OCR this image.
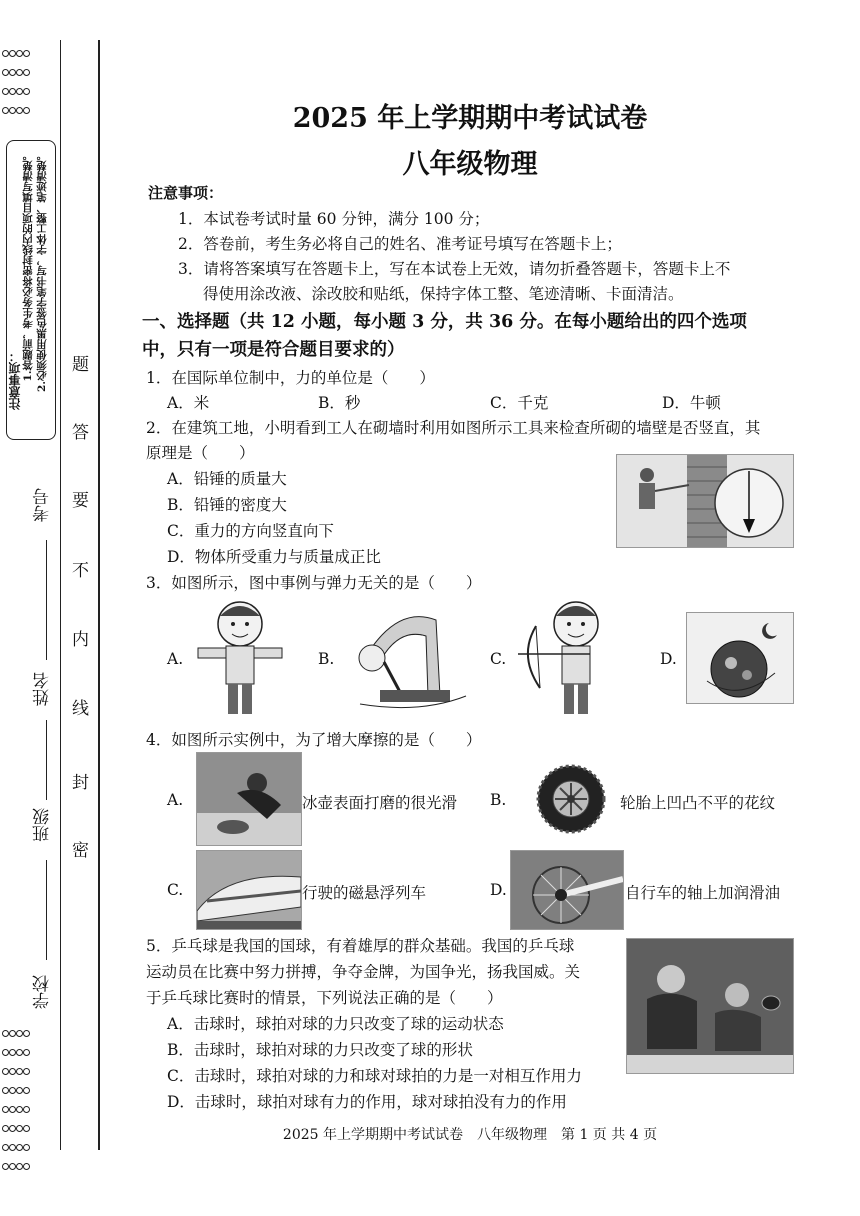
注意事项： 1.答题前，考生务必将密封线内的项目填写清楚。 2.必须使用黑色签字笔书写，字体工整、笔迹清楚。
考号
姓名
班级
学校
题
答
要
不
内
线
封
密
2025 年上学期期中考试试卷
八年级物理
注意事项：
1．本试卷考试时量 60 分钟，满分 100 分；
2．答卷前，考生务必将自己的姓名、准考证号填写在答题卡上；
3．请将答案填写在答题卡上，写在本试卷上无效，请勿折叠答题卡，答题卡上不
得使用涂改液、涂改胶和贴纸，保持字体工整、笔迹清晰、卡面清洁。
一、选择题（共 12 小题，每小题 3 分，共 36 分。在每小题给出的四个选项
中，只有一项是符合题目要求的）
1．在国际单位制中，力的单位是（　　）
A．米	B．秒	C．千克	D．牛顿
2．在建筑工地，小明看到工人在砌墙时利用如图所示工具来检查所砌的墙壁是否竖直，其
原理是（　　）
A．铅锤的质量大
B．铅锤的密度大
C．重力的方向竖直向下
D．物体所受重力与质量成正比
3．如图所示，图中事例与弹力无关的是（　　）
A.	B.	C.	D.
4．如图所示实例中，为了增大摩擦的是（　　）
A.	冰壶表面打磨的很光滑 B.	轮胎上凹凸不平的花纹
C.	行驶的磁悬浮列车	D.	自行车的轴上加润滑油
5．乒乓球是我国的国球，有着雄厚的群众基础。我国的乒乓球
运动员在比赛中努力拼搏，争夺金牌，为国争光，扬我国威。关
于乒乓球比赛时的情景，下列说法正确的是（　　）
A．击球时，球拍对球的力只改变了球的运动状态
B．击球时，球拍对球的力只改变了球的形状
C．击球时，球拍对球的力和球对球拍的力是一对相互作用力
D．击球时，球拍对球有力的作用，球对球拍没有力的作用
2025 年上学期期中考试试卷　八年级物理　第 1 页 共 4 页
